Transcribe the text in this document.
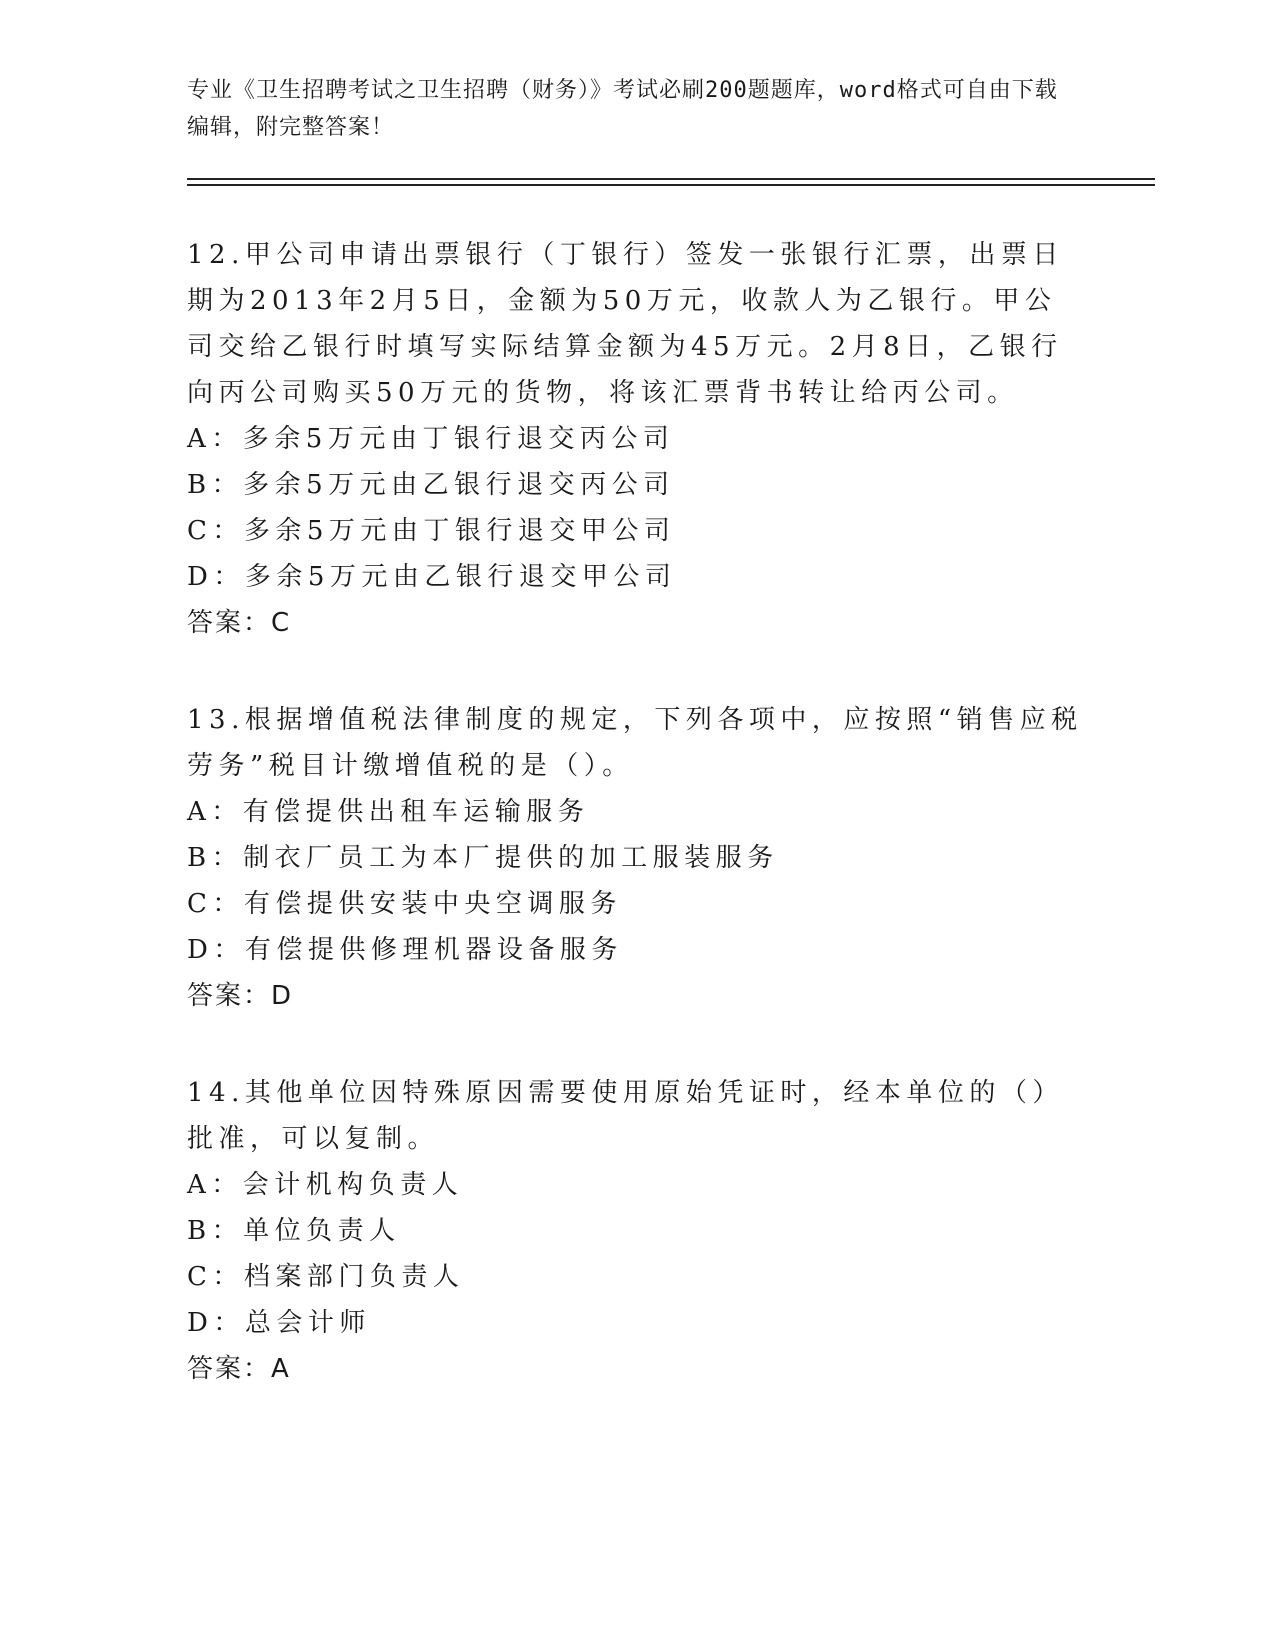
专业《卫生招聘考试之卫生招聘（财务）》考试必刷200题题库，word格式可自由下载编辑，附完整答案！
12.甲公司申请出票银行（丁银行）签发一张银行汇票，出票日期为2013年2月5日，金额为50万元，收款人为乙银行。甲公司交给乙银行时填写实际结算金额为45万元。2月8日，乙银行向丙公司购买50万元的货物，将该汇票背书转让给丙公司。
A：多余5万元由丁银行退交丙公司
B：多余5万元由乙银行退交丙公司
C：多余5万元由丁银行退交甲公司
D：多余5万元由乙银行退交甲公司
答案：C
13.根据增值税法律制度的规定，下列各项中，应按照“销售应税劳务”税目计缴增值税的是（）。
A：有偿提供出租车运输服务
B：制衣厂员工为本厂提供的加工服装服务
C：有偿提供安装中央空调服务
D：有偿提供修理机器设备服务
答案：D
14.其他单位因特殊原因需要使用原始凭证时，经本单位的（）批准，可以复制。
A：会计机构负责人
B：单位负责人
C：档案部门负责人
D：总会计师
答案：A
